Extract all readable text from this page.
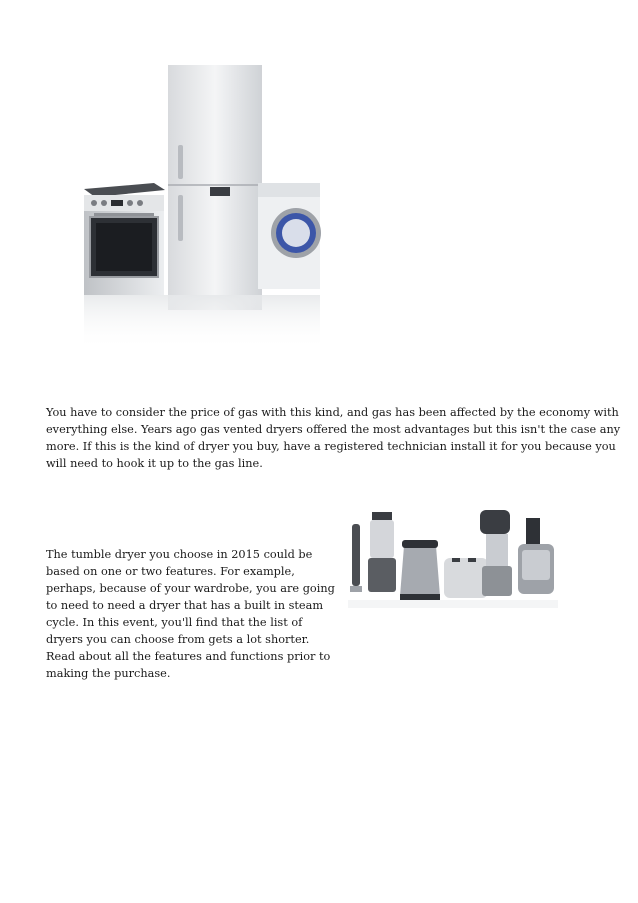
You have to consider the price of gas with this kind, and gas has been affected by the economy with
everything else. Years ago gas vented dryers offered the most advantages but this isn't the case any
more. If this is the kind of dryer you buy, have a registered technician install it for you because you
will need to hook it up to the gas line.

The tumble dryer you choose in 2015 could be
based on one or two features. For example,
perhaps, because of your wardrobe, you are going
to need to need a dryer that has a built in steam
cycle. In this event, you'll find that the list of
dryers you can choose from gets a lot shorter.
Read about all the features and functions prior to
making the purchase.
